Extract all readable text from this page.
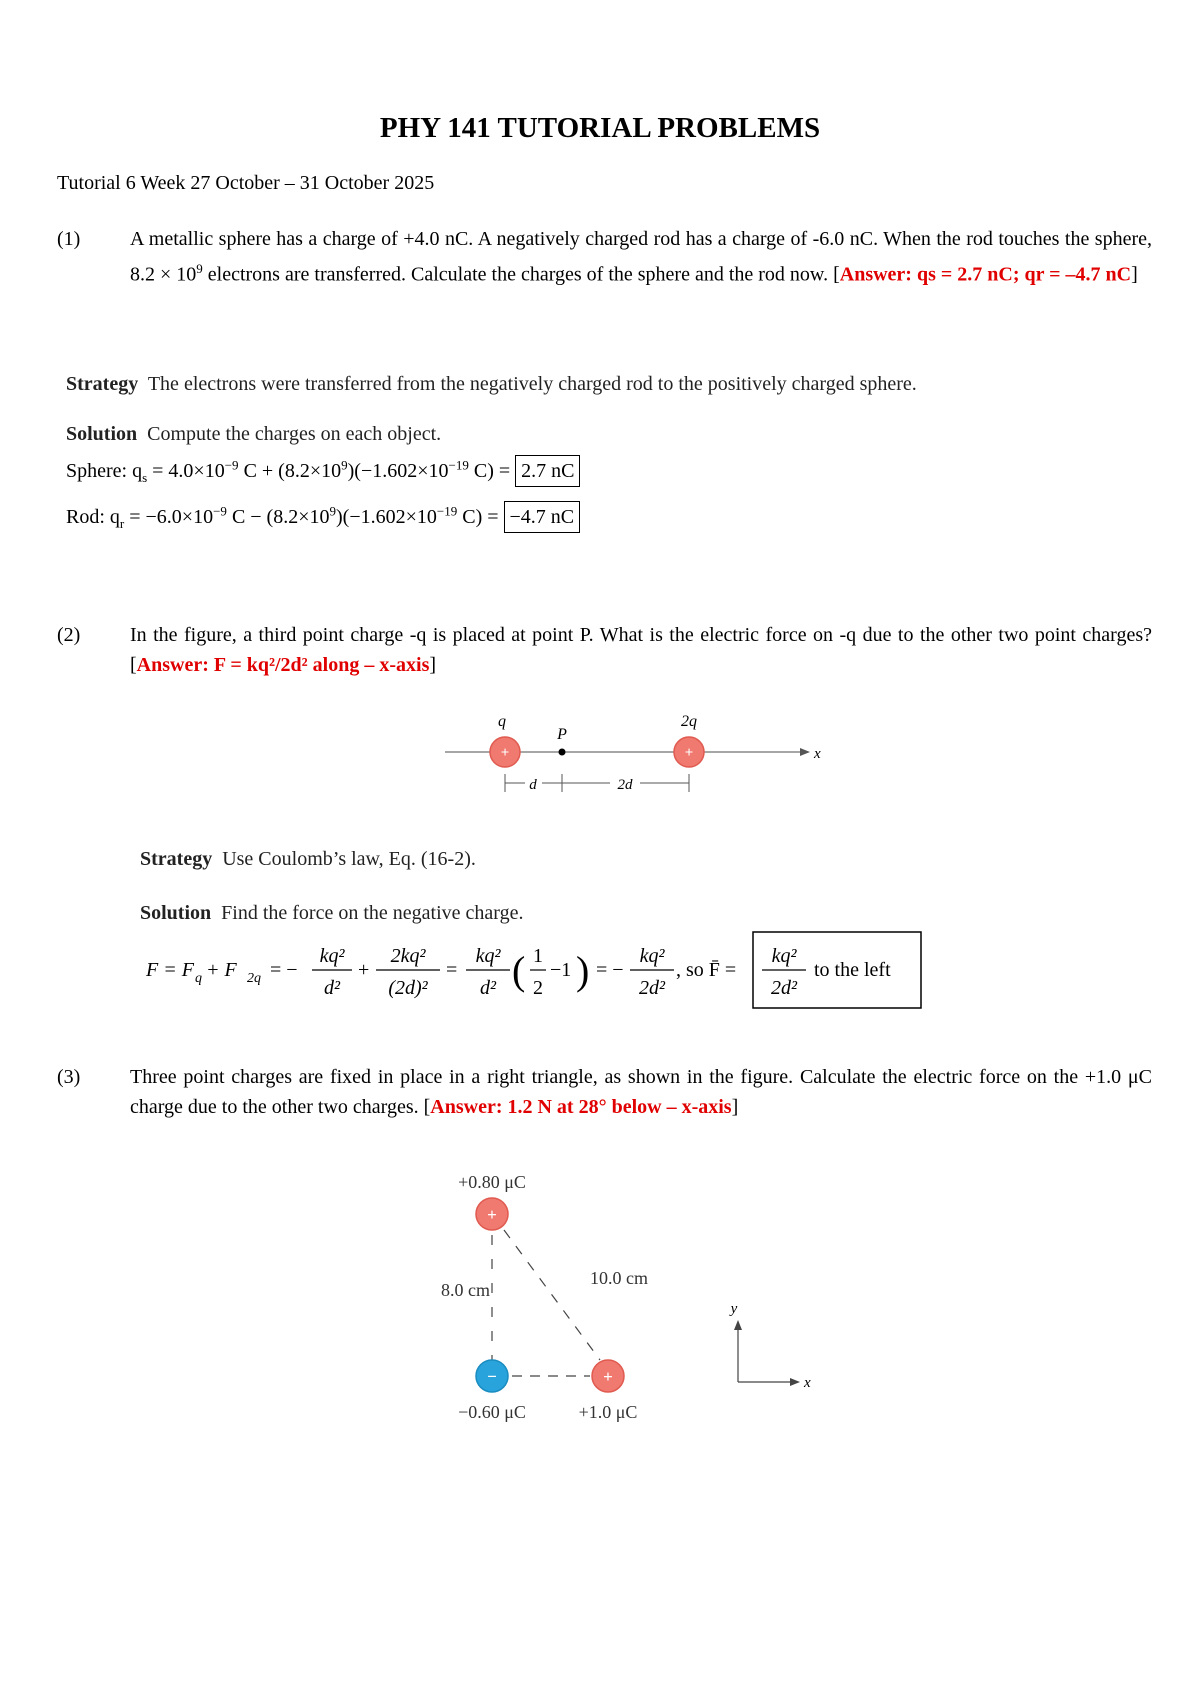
PHY 141 TUTORIAL PROBLEMS
Tutorial 6 Week 27 October – 31 October 2025
(1) A metallic sphere has a charge of +4.0 nC. A negatively charged rod has a charge of -6.0 nC. When the rod touches the sphere, $8.2 \times 10^9$ electrons are transferred. Calculate the charges of the sphere and the rod now. [Answer: qs = 2.7 nC; qr = –4.7 nC]
Strategy The electrons were transferred from the negatively charged rod to the positively charged sphere.
Solution Compute the charges on each object.
Sphere: $q_s = 4.0\times 10^{-9}$ $C + (8.2\times 10^9)(-1.602\times 10^{-19}$ C) = 2.7 nC
Rod: $q_r = -6.0\times 10^{-9}$ $C - (8.2\times 10^9)(-1.602\times 10^{-19}$ C) = −4.7 nC
(2) In the figure, a third point charge -q is placed at point P. What is the electric force on -q due to the other two point charges? [Answer: F = kq²/2d² along – x-axis]
x
+
q
P
+
2q
d	2d
Strategy Use Coulomb’s law, Eq. (16-2).
Solution Find the force on the negative charge.
F = F q + F 2q = −
kq²
d²
+
2kq²
(2d)²
=
kq²
d² ( 1
2
−1 ) = −
kq²
2d²
, so F̄ =
kq²
2d²
to the left
(3) Three point charges are fixed in place in a right triangle, as shown in the figure. Calculate the electric force on the +1.0 μC charge due to the other two charges. [Answer: 1.2 N at 28° below – x-axis]
+0.80 μC
+
8.0 cm
10.0 cm
−	+
−0.60 μC	+1.0 μC
y
x
